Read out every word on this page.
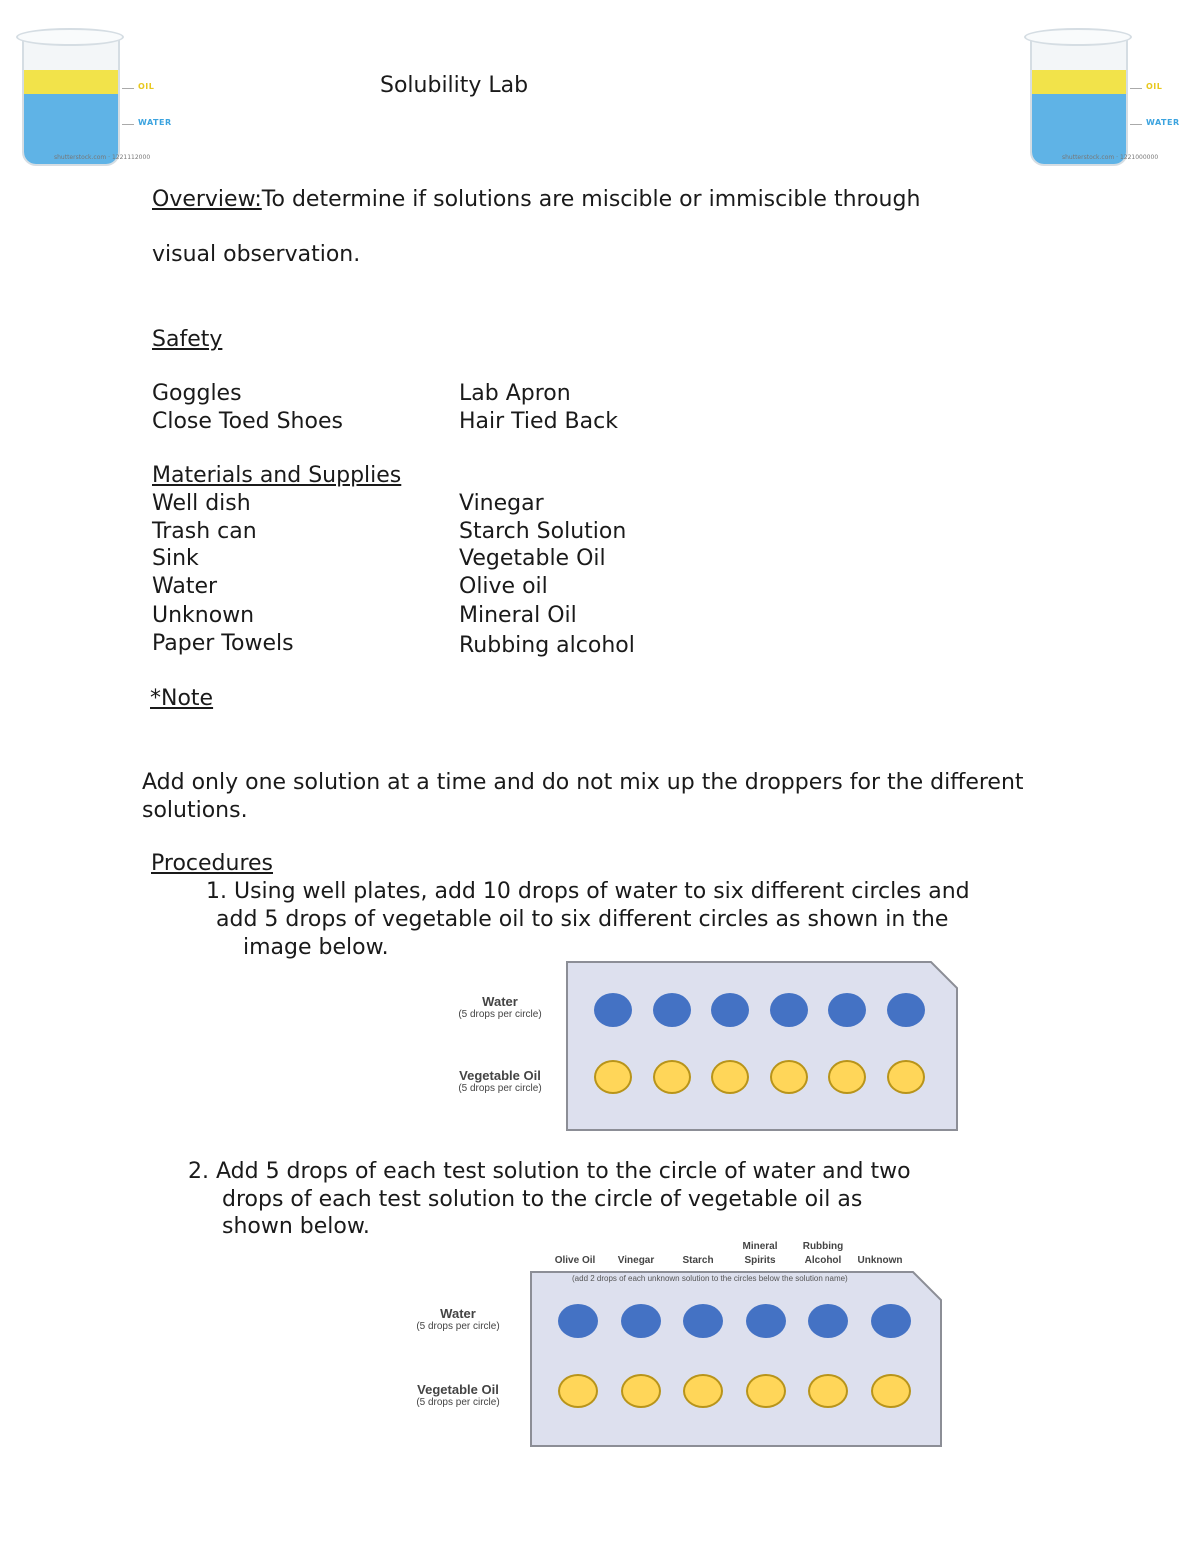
OIL
WATER
shutterstock.com · 1221112000
Solubility Lab	OIL
WATER
shutterstock.com · 1221000000
Overview:To determine if solutions are miscible or immiscible through
visual observation.
Safety
Goggles
Close Toed Shoes
Lab Apron
Hair Tied Back
Materials and Supplies
Well dish
Trash can
Sink
Water
Unknown
Paper Towels
Vinegar
Starch Solution
Vegetable Oil
Olive oil
Mineral Oil
Rubbing alcohol
*Note
Add only one solution at a time and do not mix up the droppers for the different
solutions.
Procedures
1. Using well plates, add 10 drops of water to six different circles and
add 5 drops of vegetable oil to six different circles as shown in the
image below.
Water
(5 drops per circle)
Vegetable Oil
(5 drops per circle)
2. Add 5 drops of each test solution to the circle of water and two
drops of each test solution to the circle of vegetable oil as
shown below.
Olive Oil	Vinegar	Starch
Mineral Spirits
Rubbing Alcohol	Unknown
(add 2 drops of each unknown solution to the circles below the solution name)
Water
(5 drops per circle)
Vegetable Oil
(5 drops per circle)
